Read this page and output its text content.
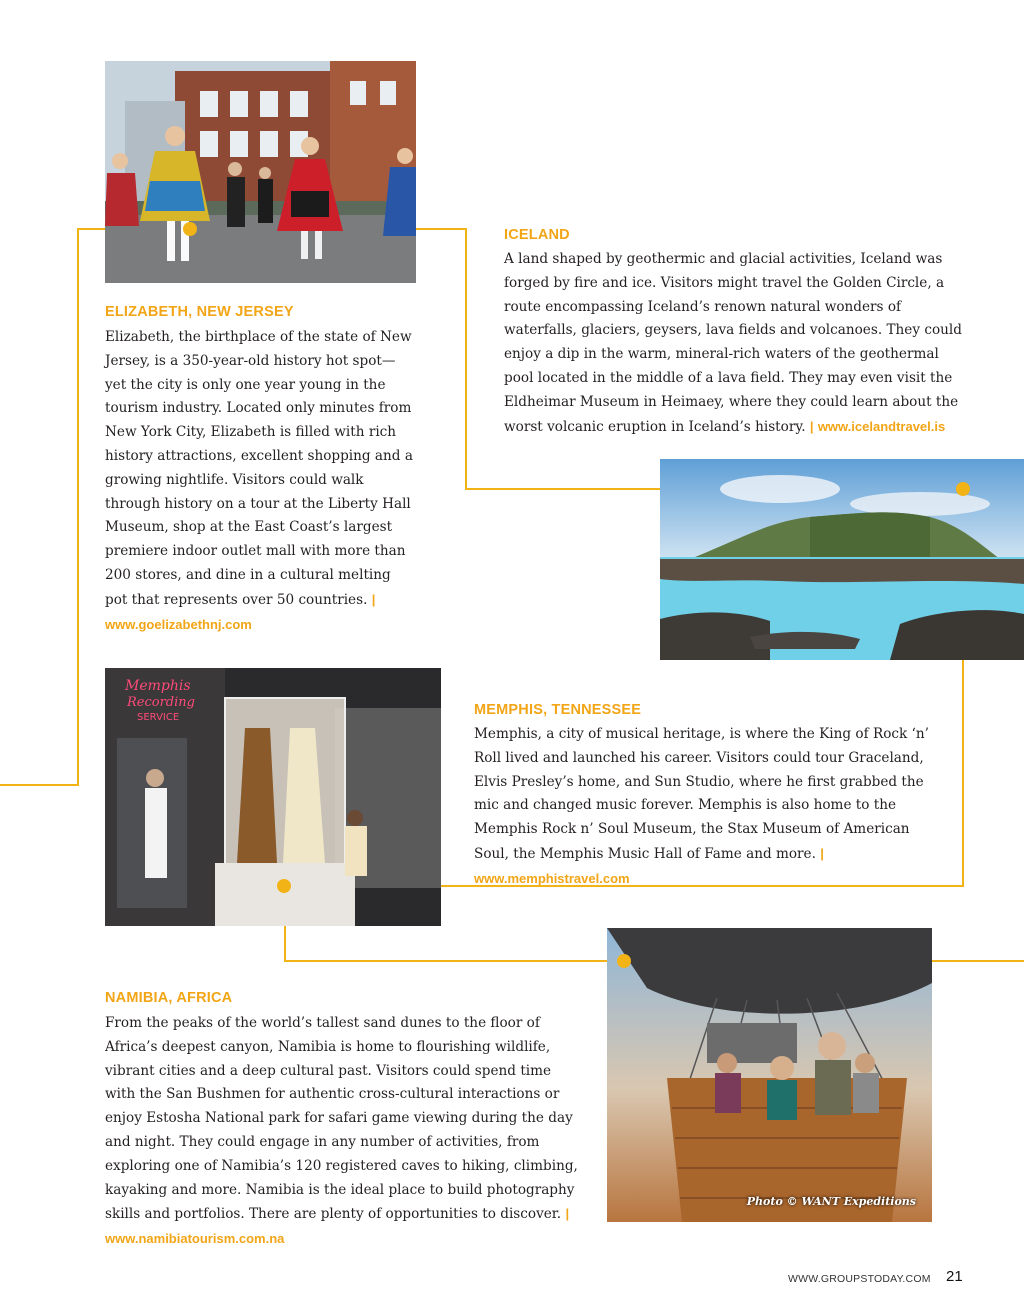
ELIZABETH, NEW JERSEY

Elizabeth, the birthplace of the state of New Jersey, is a 350-year-old history hot spot—yet the city is only one year young in the tourism industry. Located only minutes from New York City, Elizabeth is filled with rich history attractions, excellent shopping and a growing nightlife. Visitors could walk through history on a tour at the Liberty Hall Museum, shop at the East Coast’s largest premiere indoor outlet mall with more than 200 stores, and dine in a cultural melting pot that represents over 50 countries. | www.goelizabethnj.com

ICELAND

A land shaped by geothermic and glacial activities, Iceland was forged by fire and ice. Visitors might travel the Golden Circle, a route encompassing Iceland’s renown natural wonders of waterfalls, glaciers, geysers, lava fields and volcanoes. They could enjoy a dip in the warm, mineral-rich waters of the geothermal pool located in the middle of a lava field. They may even visit the Eldheimar Museum in Heimaey, where they could learn about the worst volcanic eruption in Iceland’s history. | www.icelandtravel.is

Memphis
Recording
SERVICE	MEMPHIS, TENNESSEE

Memphis, a city of musical heritage, is where the King of Rock ‘n’ Roll lived and launched his career. Visitors could tour Graceland, Elvis Presley’s home, and Sun Studio, where he first grabbed the mic and changed music forever. Memphis is also home to the Memphis Rock n’ Soul Museum, the Stax Museum of American Soul, the Memphis Music Hall of Fame and more. | www.memphistravel.com

NAMIBIA, AFRICA

From the peaks of the world’s tallest sand dunes to the floor of Africa’s deepest canyon, Namibia is home to flourishing wildlife, vibrant cities and a deep cultural past. Visitors could spend time with the San Bushmen for authentic cross-cultural interactions or enjoy Estosha National park for safari game viewing during the day and night. They could engage in any number of activities, from exploring one of Namibia’s 120 registered caves to hiking, climbing, kayaking and more. Namibia is the ideal place to build photography skills and portfolios. There are plenty of opportunities to discover. | www.namibiatourism.com.na

Photo © WANT Expeditions
WWW.GROUPSTODAY.COM 21
